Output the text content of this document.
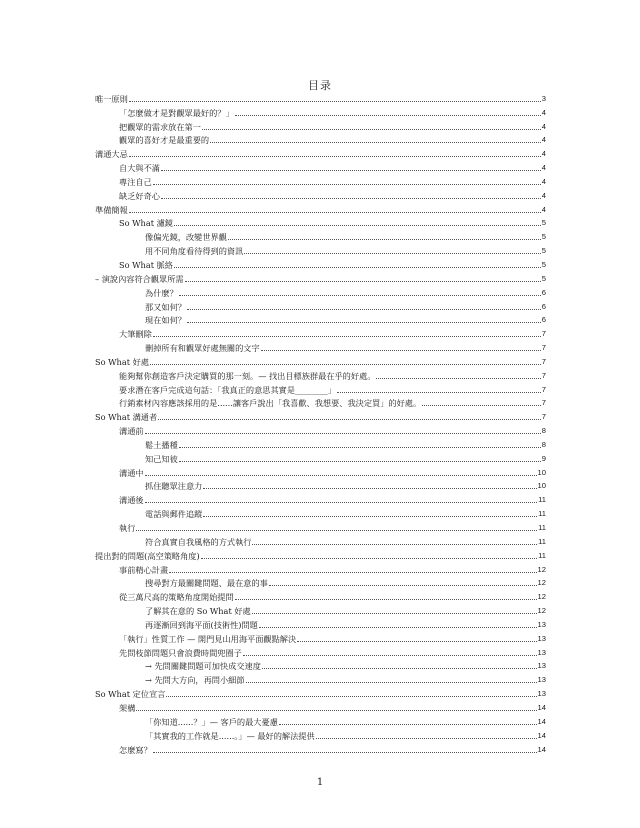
目录
唯一原則	3
「怎麼做才是對觀眾最好的？」	4
把觀眾的需求放在第一	4
觀眾的喜好才是最重要的	4
溝通大忌	4
自大與不滿	4
專注自己	4
缺乏好奇心	4
準備簡報	4
So What 濾鏡	5
像偏光鏡，改變世界觀	5
用不同角度看待得到的資訊	5
So What 脈絡	5
– 演說內容符合觀眾所需	5
為什麼？	6
那又如何？	6
現在如何？	6
大筆刪除	7
刪掉所有和觀眾好處無關的文字	7
So What 好處	7
能夠幫你創造客戶決定購買的那一刻。— 找出目標族群最在乎的好處。	7
要求潛在客戶完成這句話：「我真正的意思其實是________」	7
行銷素材內容應該採用的是......讓客戶說出「我喜歡、我想要、我決定買」的好處。	7
So What 溝通者	7
溝通前	8
鬆土播種	8
知己知彼	9
溝通中	10
抓住聽眾注意力	10
溝通後	11
電話與郵件追蹤	11
執行	11
符合真實自我風格的方式執行	11
提出對的問題(高空策略角度)	11
事前精心計畫	12
搜尋對方最關鍵問題、最在意的事	12
從三萬尺高的策略角度開始提問	12
了解其在意的 So What 好處	12
再逐漸回到海平面(技術性)問題	13
「執行」性質工作 — 開門見山用海平面觀點解決	13
先問枝節問題只會浪費時間兜圈子	13
→ 先問關鍵問題可加快成交速度	13
→ 先問大方向，再問小細節	13
So What 定位宣言	13
架構	14
「你知道......？」— 客戶的最大憂慮	14
「其實我的工作就是......。」— 最好的解法提供	14
怎麼寫？	14
1
